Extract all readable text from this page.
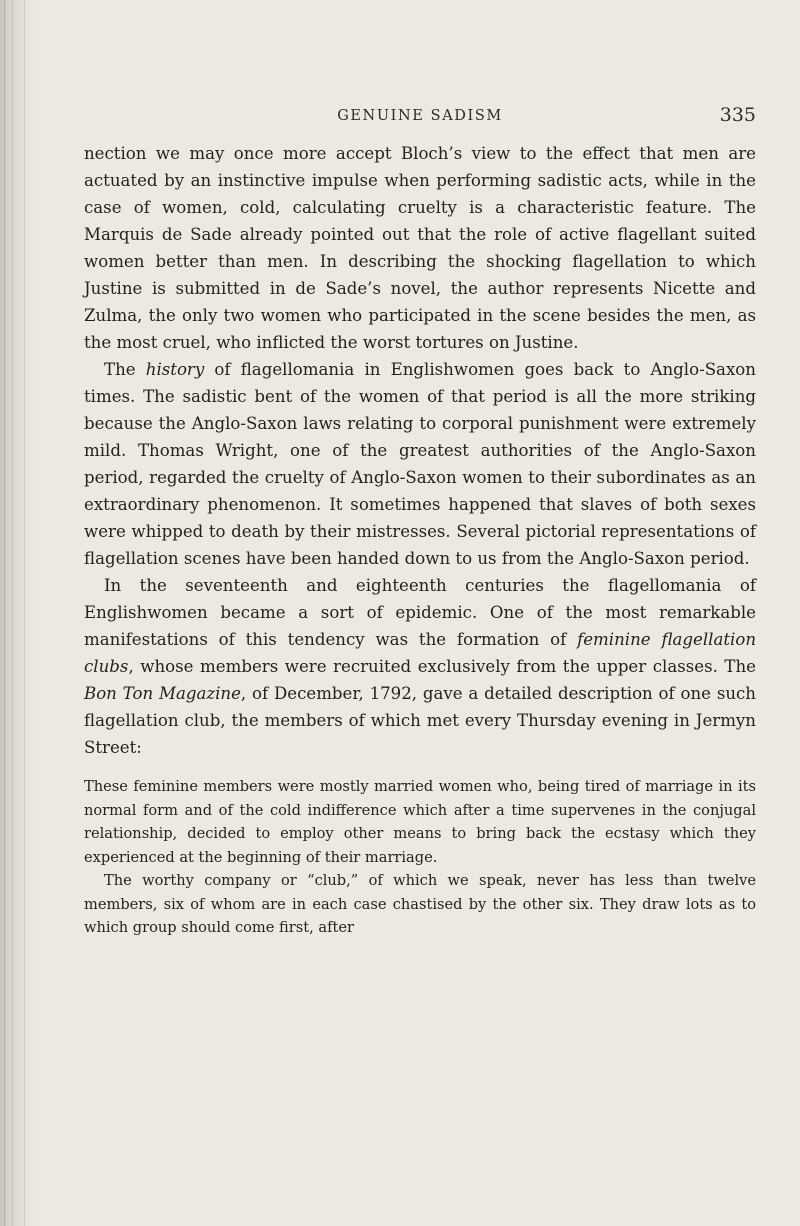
GENUINE SADISM	335

nection we may once more accept Bloch’s view to the effect that men are actuated by an instinctive impulse when performing sadistic acts, while in the case of women, cold, calculating cruelty is a characteristic feature. The Marquis de Sade already pointed out that the role of active flagellant suited women better than men. In describing the shocking flagellation to which Justine is submitted in de Sade’s novel, the author represents Nicette and Zulma, the only two women who participated in the scene besides the men, as the most cruel, who inflicted the worst tortures on Justine.

The history of flagellomania in Englishwomen goes back to Anglo-Saxon times. The sadistic bent of the women of that period is all the more striking because the Anglo-Saxon laws relating to corporal punishment were extremely mild. Thomas Wright, one of the greatest authorities of the Anglo-Saxon period, regarded the cruelty of Anglo-Saxon women to their subordinates as an extraordinary phenomenon. It sometimes happened that slaves of both sexes were whipped to death by their mistresses. Several pictorial representations of flagellation scenes have been handed down to us from the Anglo-Saxon period.

In the seventeenth and eighteenth centuries the flagellomania of Englishwomen became a sort of epidemic. One of the most remarkable manifestations of this tendency was the formation of feminine flagellation clubs, whose members were recruited exclusively from the upper classes. The Bon Ton Magazine, of December, 1792, gave a detailed description of one such flagellation club, the members of which met every Thursday evening in Jermyn Street:

These feminine members were mostly married women who, being tired of marriage in its normal form and of the cold indifference which after a time supervenes in the conjugal relationship, decided to employ other means to bring back the ecstasy which they experienced at the beginning of their marriage.

The worthy company or “club,” of which we speak, never has less than twelve members, six of whom are in each case chastised by the other six. They draw lots as to which group should come first, after
